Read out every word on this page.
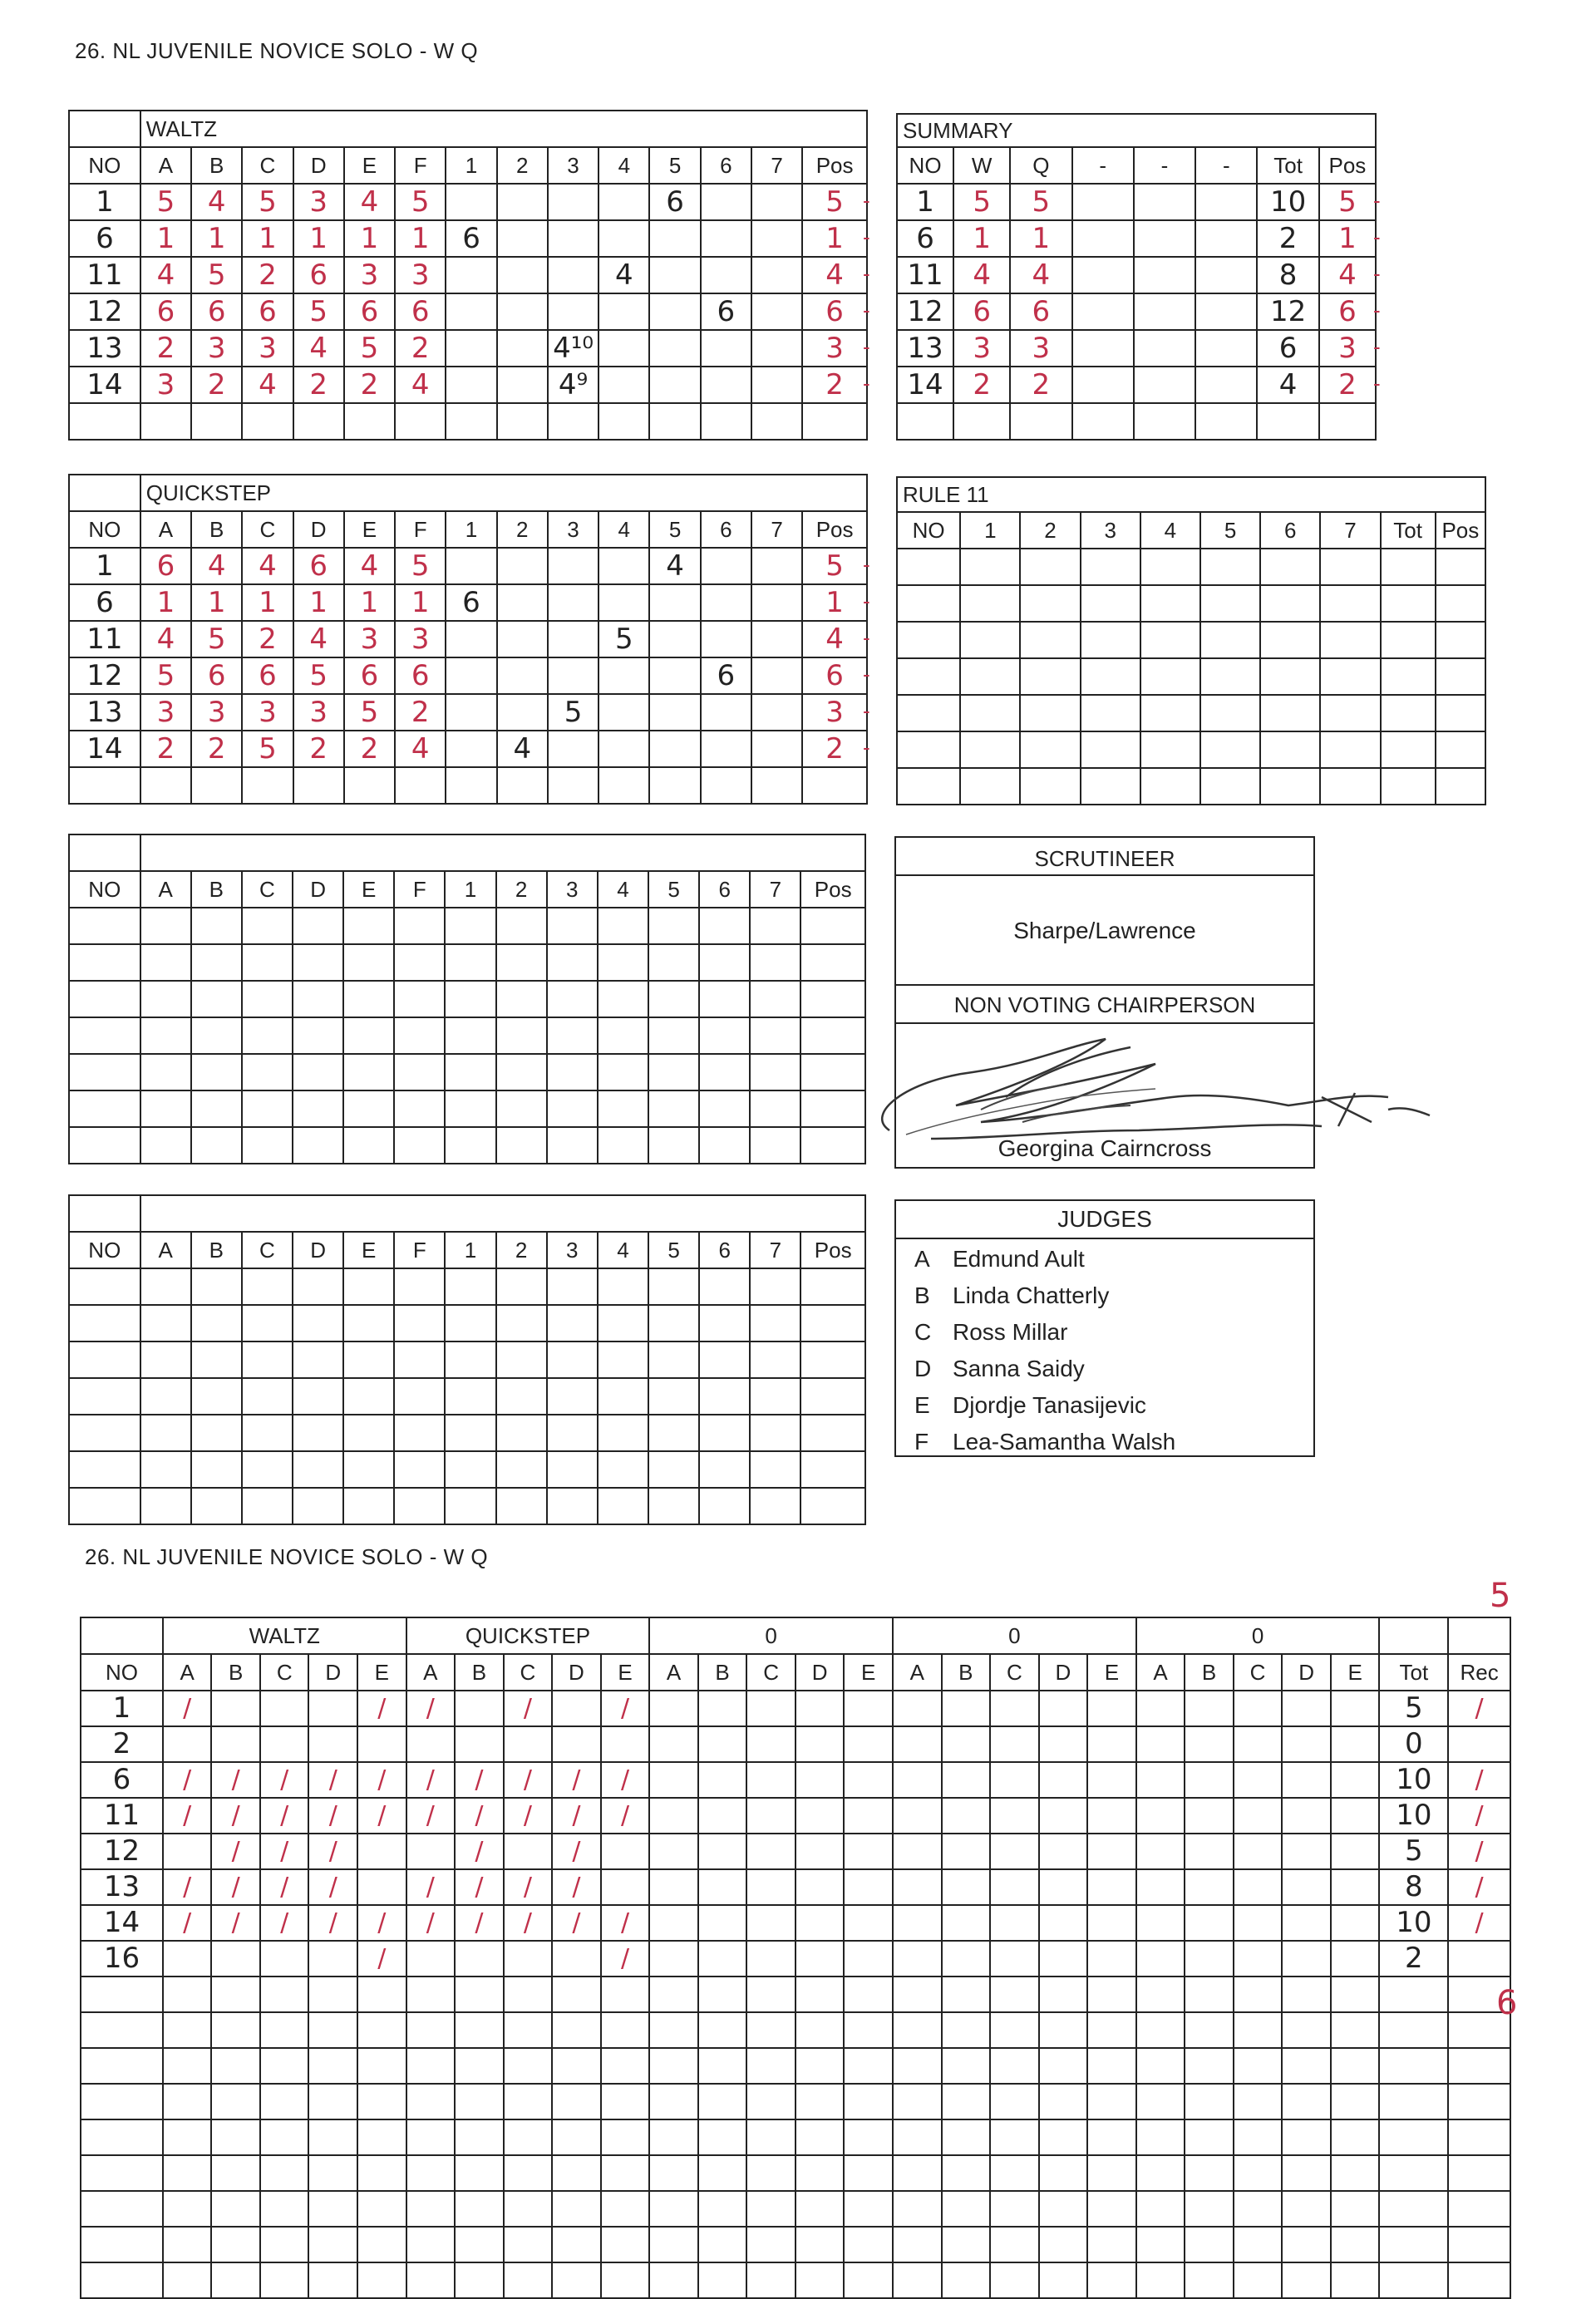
26. NL JUVENILE NOVICE SOLO - W Q
	WALTZ													
NO	A	B	C	D	E	F	1	2	3	4	5	6	7	Pos
1	5	4	5	3	4	5					6			5
6	1	1	1	1	1	1	6							1
11	4	5	2	6	3	3				4				4
12	6	6	6	5	6	6						6		6
13	2	3	3	4	5	2			4¹⁰					3
14	3	2	4	2	2	4			4⁹					2

	QUICKSTEP													
NO	A	B	C	D	E	F	1	2	3	4	5	6	7	Pos
1	6	4	4	6	4	5					4			5
6	1	1	1	1	1	1	6							1
11	4	5	2	4	3	3				5				4
12	5	6	6	5	6	6						6		6
13	3	3	3	3	5	2			5					3
14	2	2	5	2	2	4		4						2

NO	A	B	C	D	E	F	1	2	3	4	5	6	7	Pos

NO	A	B	C	D	E	F	1	2	3	4	5	6	7	Pos

SUMMARY							
NO	W	Q	-	-	-	Tot	Pos
1	5	5				10	5
6	1	1				2	1
11	4	4				8	4
12	6	6				12	6
13	3	3				6	3
14	2	2				4	2

RULE 11									
NO	1	2	3	4	5	6	7	Tot	Pos

-
-
-
-
-
-
-
-
-
-
-
-
-
-
-
-
-
-
SCRUTINEER
Sharpe/Lawrence
NON VOTING CHAIRPERSON
Georgina Cairncross
JUDGES
A Edmund Ault
B Linda Chatterly
C Ross Millar
D Sanna Saidy
E Djordje Tanasijevic
F Lea-Samantha Walsh
26. NL JUVENILE NOVICE SOLO - W Q
	WALTZ					QUICKSTEP					0					0					0						
NO	A	B	C	D	E	A	B	C	D	E	A	B	C	D	E	A	B	C	D	E	A	B	C	D	E	Tot	Rec
1	/				/	/		/		/																5	/
2																										0	
6	/	/	/	/	/	/	/	/	/	/																10	/
11	/	/	/	/	/	/	/	/	/	/																10	/
12		/	/	/			/		/																	5	/
13	/	/	/	/		/	/	/	/																	8	/
14	/	/	/	/	/	/	/	/	/	/																10	/
16					/					/																2	

5
6
